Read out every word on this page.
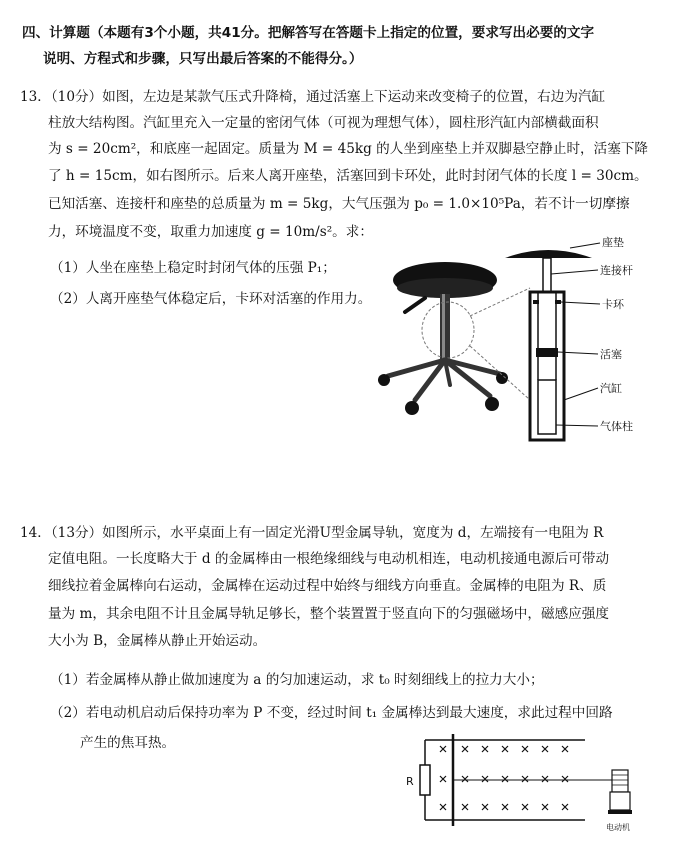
四、计算题（本题有3个小题，共41分。把解答写在答题卡上指定的位置，要求写出必要的文字
说明、方程式和步骤，只写出最后答案的不能得分。）
13．（10分）如图，左边是某款气压式升降椅，通过活塞上下运动来改变椅子的位置，右边为汽缸
柱放大结构图。汽缸里充入一定量的密闭气体（可视为理想气体），圆柱形汽缸内部横截面积
为 s = 20cm²，和底座一起固定。质量为 M = 45kg 的人坐到座垫上并双脚悬空静止时，活塞下降
了 h = 15cm，如右图所示。后来人离开座垫，活塞回到卡环处，此时封闭气体的长度 l = 30cm。
已知活塞、连接杆和座垫的总质量为 m = 5kg，大气压强为 p₀ = 1.0×10⁵Pa，若不计一切摩擦
力，环境温度不变，取重力加速度 g = 10m/s²。求：
（1）人坐在座垫上稳定时封闭气体的压强 P₁；
（2）人离开座垫气体稳定后，卡环对活塞的作用力。
座垫
连接杆
卡环
活塞
汽缸
气体柱
14．（13分）如图所示，水平桌面上有一固定光滑U型金属导轨，宽度为 d，左端接有一电阻为 R
定值电阻。一长度略大于 d 的金属棒由一根绝缘细线与电动机相连，电动机接通电源后可带动
细线拉着金属棒向右运动，金属棒在运动过程中始终与细线方向垂直。金属棒的电阻为 R、质
量为 m，其余电阻不计且金属导轨足够长，整个装置置于竖直向下的匀强磁场中，磁感应强度
大小为 B，金属棒从静止开始运动。
（1）若金属棒从静止做加速度为 a 的匀加速运动，求 t₀ 时刻细线上的拉力大小；
（2）若电动机启动后保持功率为 P 不变，经过时间 t₁ 金属棒达到最大速度，求此过程中回路
产生的焦耳热。
R
电动机
